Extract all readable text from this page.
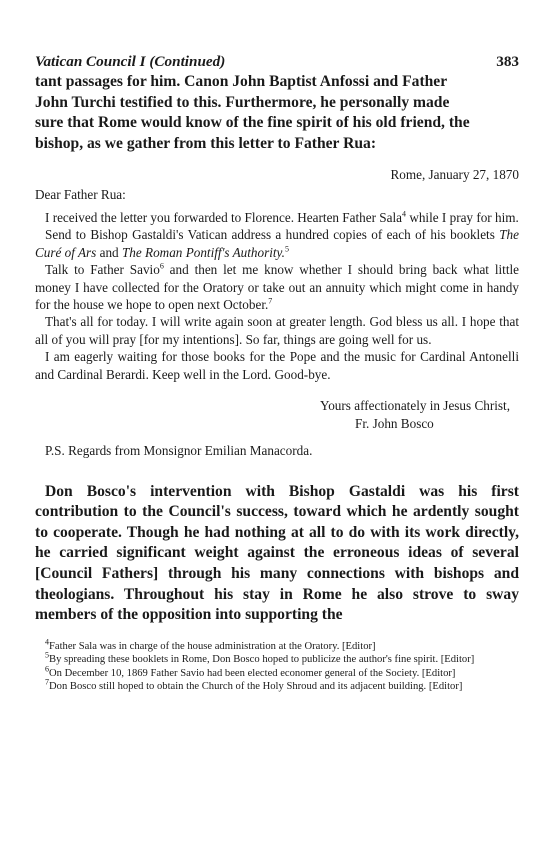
Vatican Council I (Continued)	383

tant passages for him. Canon John Baptist Anfossi and Father

John Turchi testified to this. Furthermore, he personally made

sure that Rome would know of the fine spirit of his old friend, the

bishop, as we gather from this letter to Father Rua:

Rome, January 27, 1870

Dear Father Rua:

I received the letter you forwarded to Florence. Hearten Father Sala$^4$ while I pray for him.

Send to Bishop Gastaldi's Vatican address a hundred copies of each of his booklets The Curé of Ars and The Roman Pontiff's Authority.$^5$

Talk to Father Savio$^6$ and then let me know whether I should bring back what little money I have collected for the Oratory or take out an annuity which might come in handy for the house we hope to open next October.$^7$

That's all for today. I will write again soon at greater length. God bless us all. I hope that all of you will pray [for my intentions]. So far, things are going well for us.

I am eagerly waiting for those books for the Pope and the music for Cardinal Antonelli and Cardinal Berardi. Keep well in the Lord. Good-bye.

Yours affectionately in Jesus Christ,
Fr. John Bosco

P.S. Regards from Monsignor Emilian Manacorda.

Don Bosco's intervention with Bishop Gastaldi was his first contribution to the Council's success, toward which he ardently sought to cooperate. Though he had nothing at all to do with its work directly, he carried significant weight against the erroneous ideas of several [Council Fathers] through his many connections with bishops and theologians. Throughout his stay in Rome he also strove to sway members of the opposition into supporting the

$^4$Father Sala was in charge of the house administration at the Oratory. [Editor]

$^5$By spreading these booklets in Rome, Don Bosco hoped to publicize the author's fine spirit. [Editor]

$^6$On December 10, 1869 Father Savio had been elected economer general of the Society. [Editor]

$^7$Don Bosco still hoped to obtain the Church of the Holy Shroud and its adjacent building. [Editor]
